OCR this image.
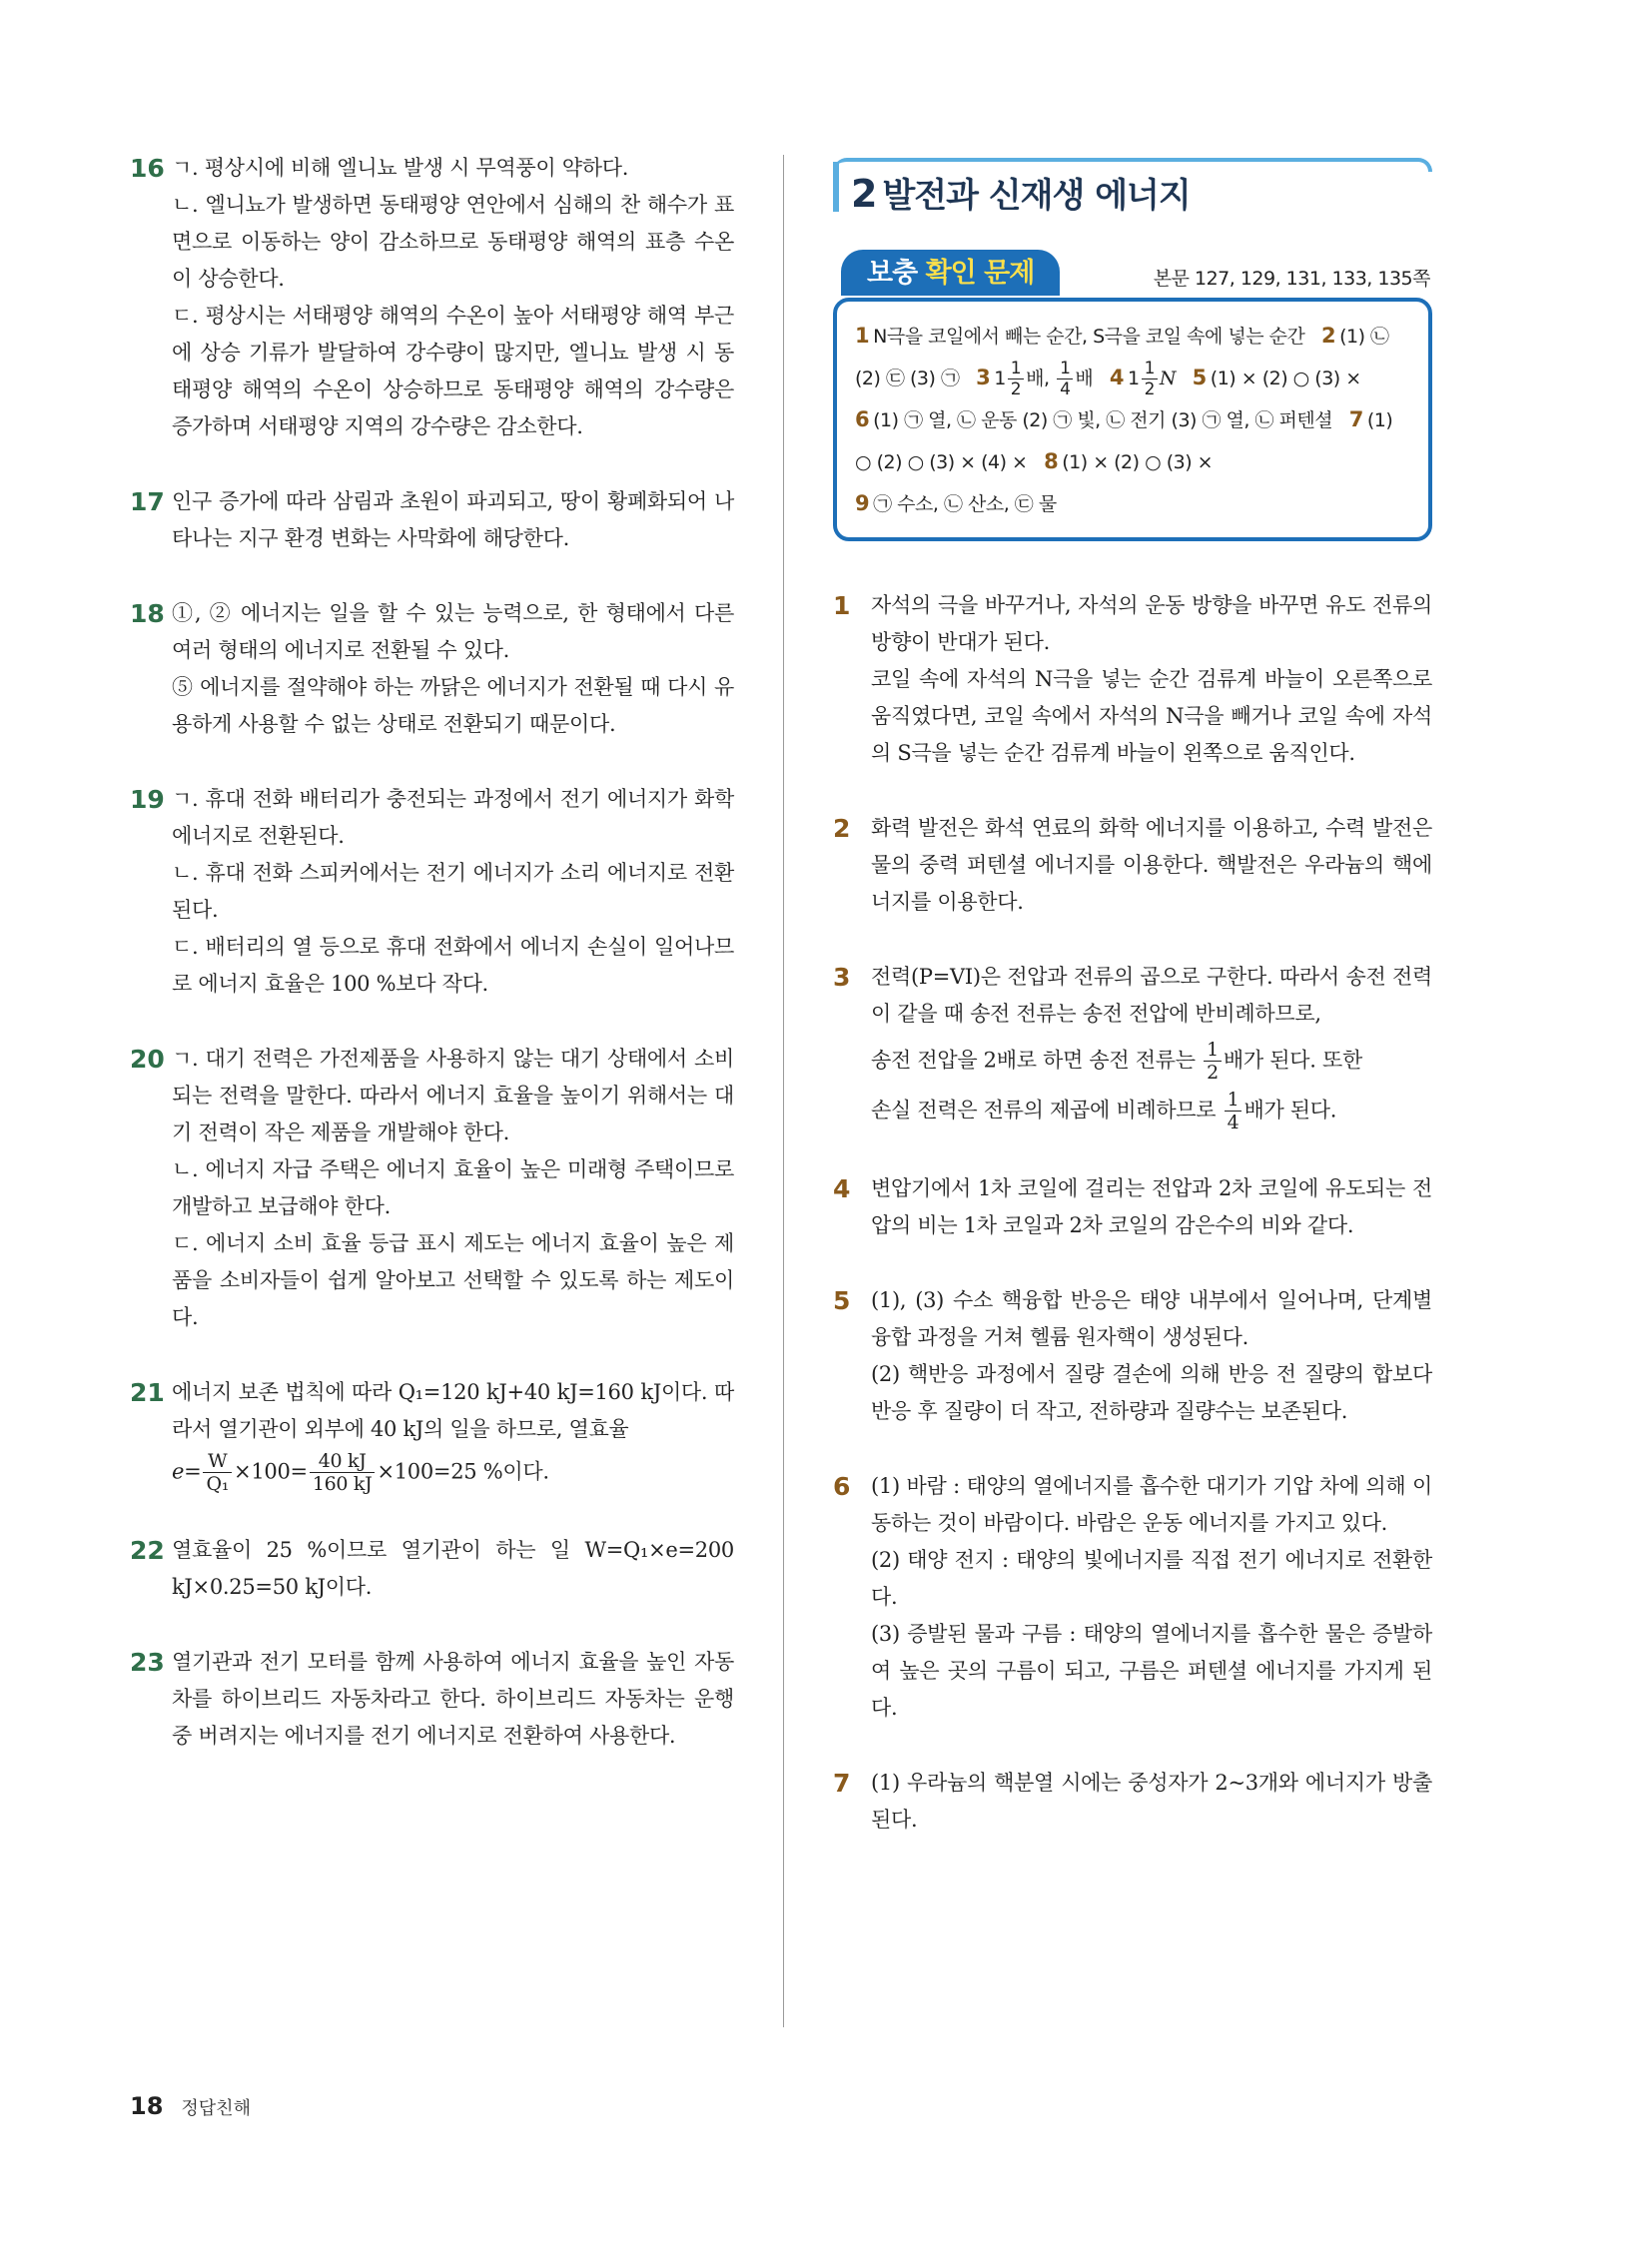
16 ㄱ. 평상시에 비해 엘니뇨 발생 시 무역풍이 약하다.

ㄴ. 엘니뇨가 발생하면 동태평양 연안에서 심해의 찬 해수가 표면으로 이동하는 양이 감소하므로 동태평양 해역의 표층 수온이 상승한다.

ㄷ. 평상시는 서태평양 해역의 수온이 높아 서태평양 해역 부근에 상승 기류가 발달하여 강수량이 많지만, 엘니뇨 발생 시 동태평양 해역의 수온이 상승하므로 동태평양 해역의 강수량은 증가하며 서태평양 지역의 강수량은 감소한다.

17 인구 증가에 따라 삼림과 초원이 파괴되고, 땅이 황폐화되어 나타나는 지구 환경 변화는 사막화에 해당한다.

18 ①, ② 에너지는 일을 할 수 있는 능력으로, 한 형태에서 다른 여러 형태의 에너지로 전환될 수 있다.

⑤ 에너지를 절약해야 하는 까닭은 에너지가 전환될 때 다시 유용하게 사용할 수 없는 상태로 전환되기 때문이다.

19 ㄱ. 휴대 전화 배터리가 충전되는 과정에서 전기 에너지가 화학 에너지로 전환된다.

ㄴ. 휴대 전화 스피커에서는 전기 에너지가 소리 에너지로 전환된다.

ㄷ. 배터리의 열 등으로 휴대 전화에서 에너지 손실이 일어나므로 에너지 효율은 100 %보다 작다.

20 ㄱ. 대기 전력은 가전제품을 사용하지 않는 대기 상태에서 소비되는 전력을 말한다. 따라서 에너지 효율을 높이기 위해서는 대기 전력이 작은 제품을 개발해야 한다.

ㄴ. 에너지 자급 주택은 에너지 효율이 높은 미래형 주택이므로 개발하고 보급해야 한다.

ㄷ. 에너지 소비 효율 등급 표시 제도는 에너지 효율이 높은 제품을 소비자들이 쉽게 알아보고 선택할 수 있도록 하는 제도이다.

21 에너지 보존 법칙에 따라 Q₁=120 kJ+40 kJ=160 kJ이다. 따라서 열기관이 외부에 40 kJ의 일을 하므로, 열효율

$e= \frac{W}{\text{Q₁}} \times 100= \frac{40 kJ}{160 kJ} \times 100=25$ %이다.

22 열효율이 25 %이므로 열기관이 하는 일 W=Q₁×e=200 kJ×0.25=50 kJ이다.

23 열기관과 전기 모터를 함께 사용하여 에너지 효율을 높인 자동차를 하이브리드 자동차라고 한다. 하이브리드 자동차는 운행 중 버려지는 에너지를 전기 에너지로 전환하여 사용한다.

2 발전과 신재생 에너지
보충 확인 문제	본문 127, 129, 131, 133, 135쪽
1 N극을 코일에서 빼는 순간, S극을 코일 속에 넣는 순간 2 (1) ㉡ (2) ㉢ (3) ㉠ 3 $1 \frac{1}{2}$ 배, $\frac{1}{4}$ 배 4 $1 \frac{1}{2}$ N 5 (1) × (2) ○ (3) ×   6 (1) ㉠ 열, ㉡ 운동 (2) ㉠ 빛, ㉡ 전기 (3) ㉠ 열, ㉡ 퍼텐셜 7 (1) ○ (2) ○ (3) × (4) × 8 (1) × (2) ○ (3) ×
9 ㉠ 수소, ㉡ 산소, ㉢ 물
1 자석의 극을 바꾸거나, 자석의 운동 방향을 바꾸면 유도 전류의 방향이 반대가 된다.

코일 속에 자석의 N극을 넣는 순간 검류계 바늘이 오른쪽으로 움직였다면, 코일 속에서 자석의 N극을 빼거나 코일 속에 자석의 S극을 넣는 순간 검류계 바늘이 왼쪽으로 움직인다.

2 화력 발전은 화석 연료의 화학 에너지를 이용하고, 수력 발전은 물의 중력 퍼텐셜 에너지를 이용한다. 핵발전은 우라늄의 핵에너지를 이용한다.

3 전력(P=VI)은 전압과 전류의 곱으로 구한다. 따라서 송전 전력이 같을 때 송전 전류는 송전 전압에 반비례하므로,

송전 전압을 2배로 하면 송전 전류는 $\frac{1}{2}$ 배가 된다. 또한

손실 전력은 전류의 제곱에 비례하므로 $\frac{1}{4}$ 배가 된다.

4 변압기에서 1차 코일에 걸리는 전압과 2차 코일에 유도되는 전압의 비는 1차 코일과 2차 코일의 감은수의 비와 같다.

5 (1), (3) 수소 핵융합 반응은 태양 내부에서 일어나며, 단계별 융합 과정을 거쳐 헬륨 원자핵이 생성된다.

(2) 핵반응 과정에서 질량 결손에 의해 반응 전 질량의 합보다 반응 후 질량이 더 작고, 전하량과 질량수는 보존된다.

6 (1) 바람 : 태양의 열에너지를 흡수한 대기가 기압 차에 의해 이동하는 것이 바람이다. 바람은 운동 에너지를 가지고 있다.

(2) 태양 전지 : 태양의 빛에너지를 직접 전기 에너지로 전환한다.

(3) 증발된 물과 구름 : 태양의 열에너지를 흡수한 물은 증발하여 높은 곳의 구름이 되고, 구름은 퍼텐셜 에너지를 가지게 된다.

7 (1) 우라늄의 핵분열 시에는 중성자가 2~3개와 에너지가 방출된다.

18 정답친해
